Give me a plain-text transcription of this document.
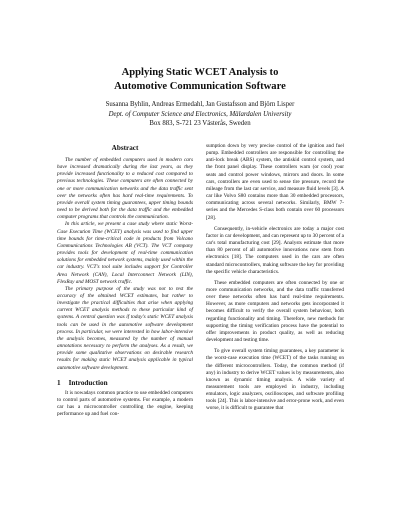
Applying Static WCET Analysis to
Automotive Communication Software
Susanna Byhlin, Andreas Ermedahl, Jan Gustafsson and Björn Lisper
Dept. of Computer Science and Electronics, Mälardalen University
Box 883, S-721 23 Västerås, Sweden
Abstract

The number of embedded computers used in modern cars have increased dramatically during the last years, as they provide increased functionality to a reduced cost compared to previous technologies. These computers are often connected by one or more communication networks and the data traffic sent over the networks often has hard real-time requirements. To provide overall system timing guarantees, upper timing bounds need to be derived both for the data traffic and the embedded computer programs that controls the communication.

In this article, we present a case study where static Worst-Case Execution Time (WCET) analysis was used to find upper time bounds for time-critical code in products from Volcano Communications Technologies AB (VCT). The VCT company provides tools for development of real-time communication solutions for embedded network systems, mainly used within the car industry. VCT's tool suite includes support for Controller Area Network (CAN), Local Interconnect Network (LIN), FlexRay and MOST network traffic.

The primary purpose of the study was not to test the accuracy of the obtained WCET estimates, but rather to investigate the practical difficulties that arise when applying current WCET analysis methods to these particular kind of systems. A central question was if today's static WCET analysis tools can be used in the automotive software development process. In particular, we were interested in how labor-intensive the analysis becomes, measured by the number of manual annotations necessary to perform the analyses. As a result, we provide some qualitative observations on desirable research results for making static WCET analysis applicable in typical automotive software development.

1 Introduction

It is nowadays common practice to use embedded computers to control parts of automotive systems. For example, a modern car has a microcontroller controlling the engine, keeping performance up and fuel con-

sumption down by very precise control of the ignition and fuel pump. Embedded controllers are responsible for controlling the anti-lock break (ABS) system, the antiskid control system, and the front panel display. These controllers warn (or cool) your seats and control power windows, mirrors and doors. In some cars, controllers are even used to sense tire pressure, record the mileage from the last car service, and measure fluid levels [3]. A car like Volvo S80 contains more than 30 embedded processors, communicating across several networks. Similarly, BMW 7-series and the Mercedes S-class both contain over 60 processors [28].

Consequently, in-vehicle electronics are today a major cost factor in car development, and can represent up to 30 percent of a car's total manufacturing cost [29]. Analysts estimate that more than 80 percent of all automotive innovations now stem from electronics [18]. The computers used in the cars are often standard microcontrollers, making software the key for providing the specific vehicle characteristics.

These embedded computers are often connected by one or more communication networks, and the data traffic transferred over these networks often has hard real-time requirements. However, as more computers and networks gets incorporated it becomes difficult to verify the overall system behaviour, both regarding functionality and timing. Therefore, new methods for supporting the timing verification process have the potential to offer improvements in product quality, as well as reducing development and testing time.

To give overall system timing guarantees, a key parameter is the worst-case execution time (WCET) of the tasks running on the different microcontrollers. Today, the common method (if any) in industry to derive WCET values is by measurements, also known as dynamic timing analysis. A wide variety of measurement tools are employed in industry, including emulators, logic analyzers, oscilloscopes, and software profiling tools [24]. This is labor-intensive and error-prone work, and even worse, it is difficult to guarantee that
